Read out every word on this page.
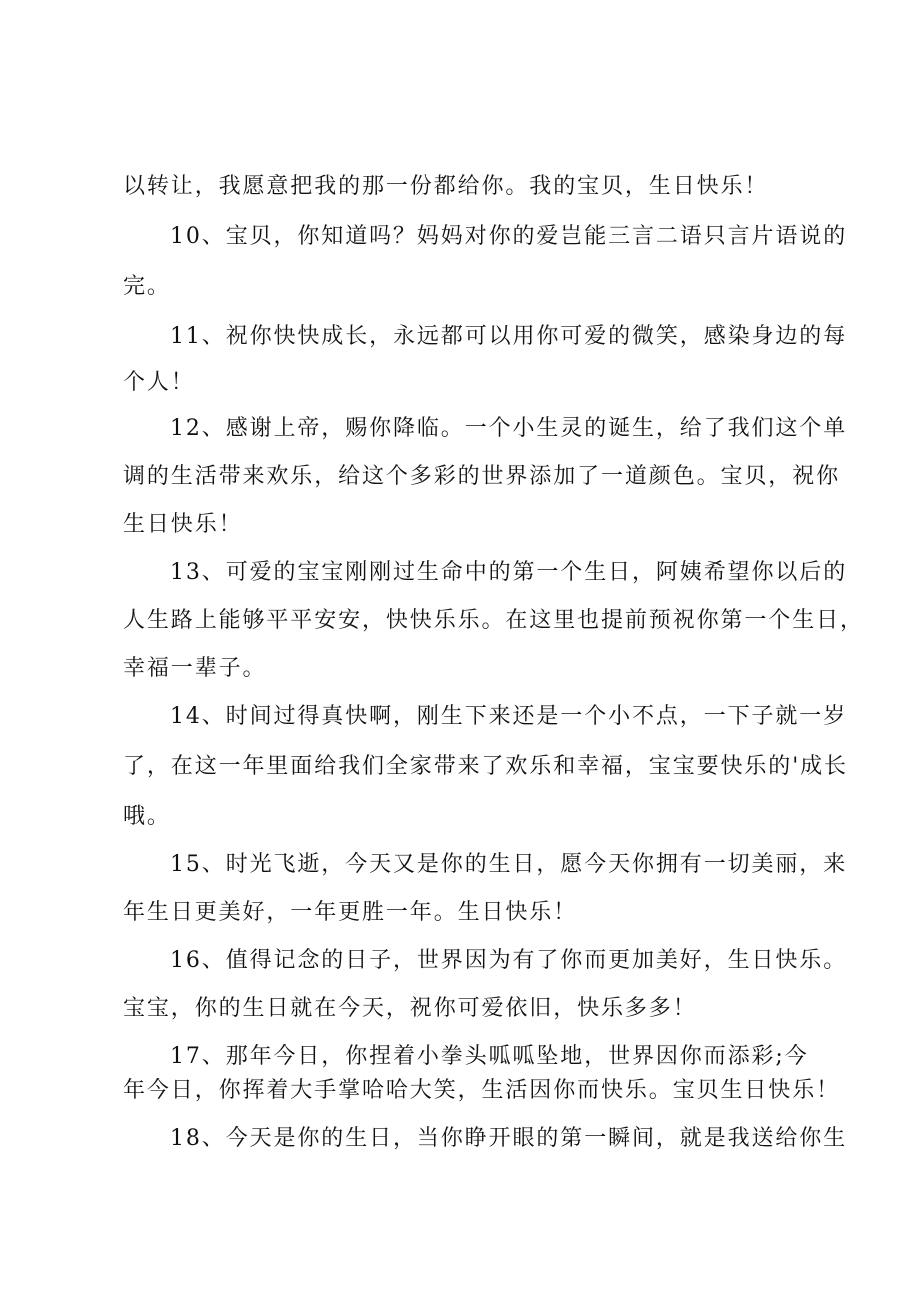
以转让，我愿意把我的那一份都给你。我的宝贝，生日快乐！
10、宝贝，你知道吗？妈妈对你的爱岂能三言二语只言片语说的
完。
11、祝你快快成长，永远都可以用你可爱的微笑，感染身边的每
个人！
12、感谢上帝，赐你降临。一个小生灵的诞生，给了我们这个单
调的生活带来欢乐，给这个多彩的世界添加了一道颜色。宝贝，祝你
生日快乐！
13、可爱的宝宝刚刚过生命中的第一个生日，阿姨希望你以后的
人生路上能够平平安安，快快乐乐。在这里也提前预祝你第一个生日，
幸福一辈子。
14、时间过得真快啊，刚生下来还是一个小不点，一下子就一岁
了，在这一年里面给我们全家带来了欢乐和幸福，宝宝要快乐的'成长
哦。
15、时光飞逝，今天又是你的生日，愿今天你拥有一切美丽，来
年生日更美好，一年更胜一年。生日快乐！
16、值得记念的日子，世界因为有了你而更加美好，生日快乐。
宝宝，你的生日就在今天，祝你可爱依旧，快乐多多！
17、那年今日，你捏着小拳头呱呱坠地，世界因你而添彩;今
年今日，你挥着大手掌哈哈大笑，生活因你而快乐。宝贝生日快乐！
18、今天是你的生日，当你睁开眼的第一瞬间，就是我送给你生
